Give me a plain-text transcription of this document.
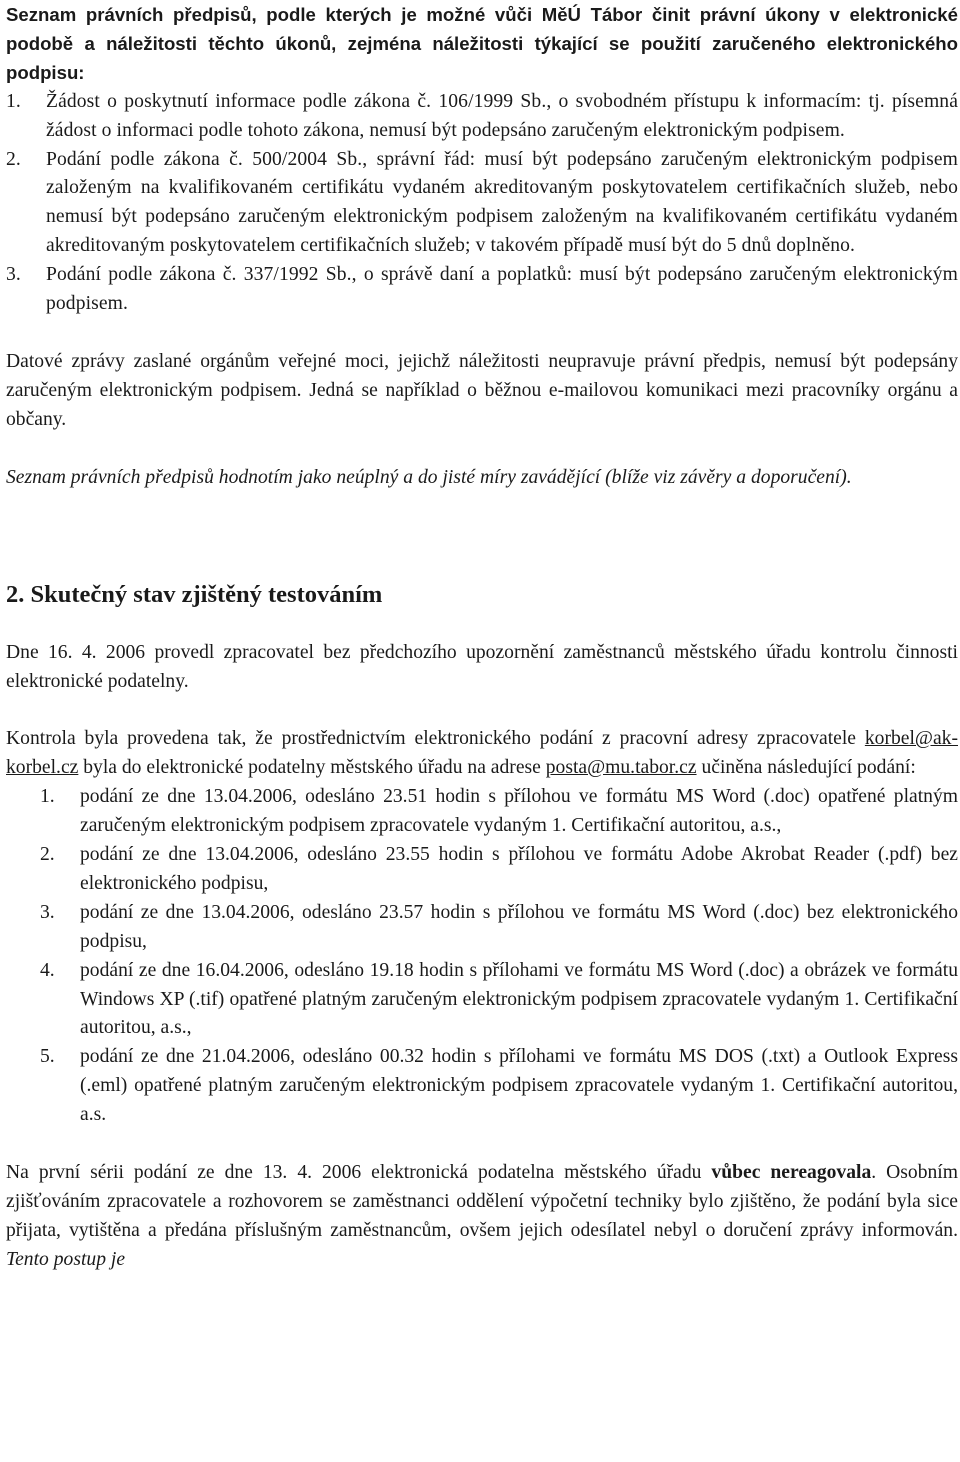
Seznam právních předpisů, podle kterých je možné vůči MěÚ Tábor činit právní úkony v elektronické podobě a náležitosti těchto úkonů, zejména náležitosti týkající se použití zaručeného elektronického podpisu:

1.	Žádost o poskytnutí informace podle zákona č. 106/1999 Sb., o svobodném přístupu k informacím: tj. písemná žádost o informaci podle tohoto zákona, nemusí být podepsáno zaručeným elektronickým podpisem.
2.	Podání podle zákona č. 500/2004 Sb., správní řád: musí být podepsáno zaručeným elektronickým podpisem založeným na kvalifikovaném certifikátu vydaném akreditovaným poskytovatelem certifikačních služeb, nebo nemusí být podepsáno zaručeným elektronickým podpisem založeným na kvalifikovaném certifikátu vydaném akreditovaným poskytovatelem certifikačních služeb; v takovém případě musí být do 5 dnů doplněno.
3.	Podání podle zákona č. 337/1992 Sb., o správě daní a poplatků: musí být podepsáno zaručeným elektronickým podpisem.

Datové zprávy zaslané orgánům veřejné moci, jejichž náležitosti neupravuje právní předpis, nemusí být podepsány zaručeným elektronickým podpisem. Jedná se například o běžnou e-mailovou komunikaci mezi pracovníky orgánu a občany.

Seznam právních předpisů hodnotím jako neúplný a do jisté míry zavádějící (blíže viz závěry a doporučení).

2. Skutečný stav zjištěný testováním

Dne 16. 4. 2006 provedl zpracovatel bez předchozího upozornění zaměstnanců městského úřadu kontrolu činnosti elektronické podatelny.

Kontrola byla provedena tak, že prostřednictvím elektronického podání z pracovní adresy zpracovatele korbel@ak-korbel.cz byla do elektronické podatelny městského úřadu na adrese posta@mu.tabor.cz učiněna následující podání:

1.	podání ze dne 13.04.2006, odesláno 23.51 hodin s přílohou ve formátu MS Word (.doc) opatřené platným zaručeným elektronickým podpisem zpracovatele vydaným 1. Certifikační autoritou, a.s.,
2.	podání ze dne 13.04.2006, odesláno 23.55 hodin s přílohou ve formátu Adobe Akrobat Reader (.pdf) bez elektronického podpisu,
3.	podání ze dne 13.04.2006, odesláno 23.57 hodin s přílohou ve formátu MS Word (.doc) bez elektronického podpisu,
4.	podání ze dne 16.04.2006, odesláno 19.18 hodin s přílohami ve formátu MS Word (.doc) a obrázek ve formátu Windows XP (.tif) opatřené platným zaručeným elektronickým podpisem zpracovatele vydaným 1. Certifikační autoritou, a.s.,
5.	podání ze dne 21.04.2006, odesláno 00.32 hodin s přílohami ve formátu MS DOS (.txt) a Outlook Express (.eml) opatřené platným zaručeným elektronickým podpisem zpracovatele vydaným 1. Certifikační autoritou, a.s.

Na první sérii podání ze dne 13. 4. 2006 elektronická podatelna městského úřadu vůbec nereagovala. Osobním zjišťováním zpracovatele a rozhovorem se zaměstnanci oddělení výpočetní techniky bylo zjištěno, že podání byla sice přijata, vytištěna a předána příslušným zaměstnancům, ovšem jejich odesílatel nebyl o doručení zprávy informován. Tento postup je
